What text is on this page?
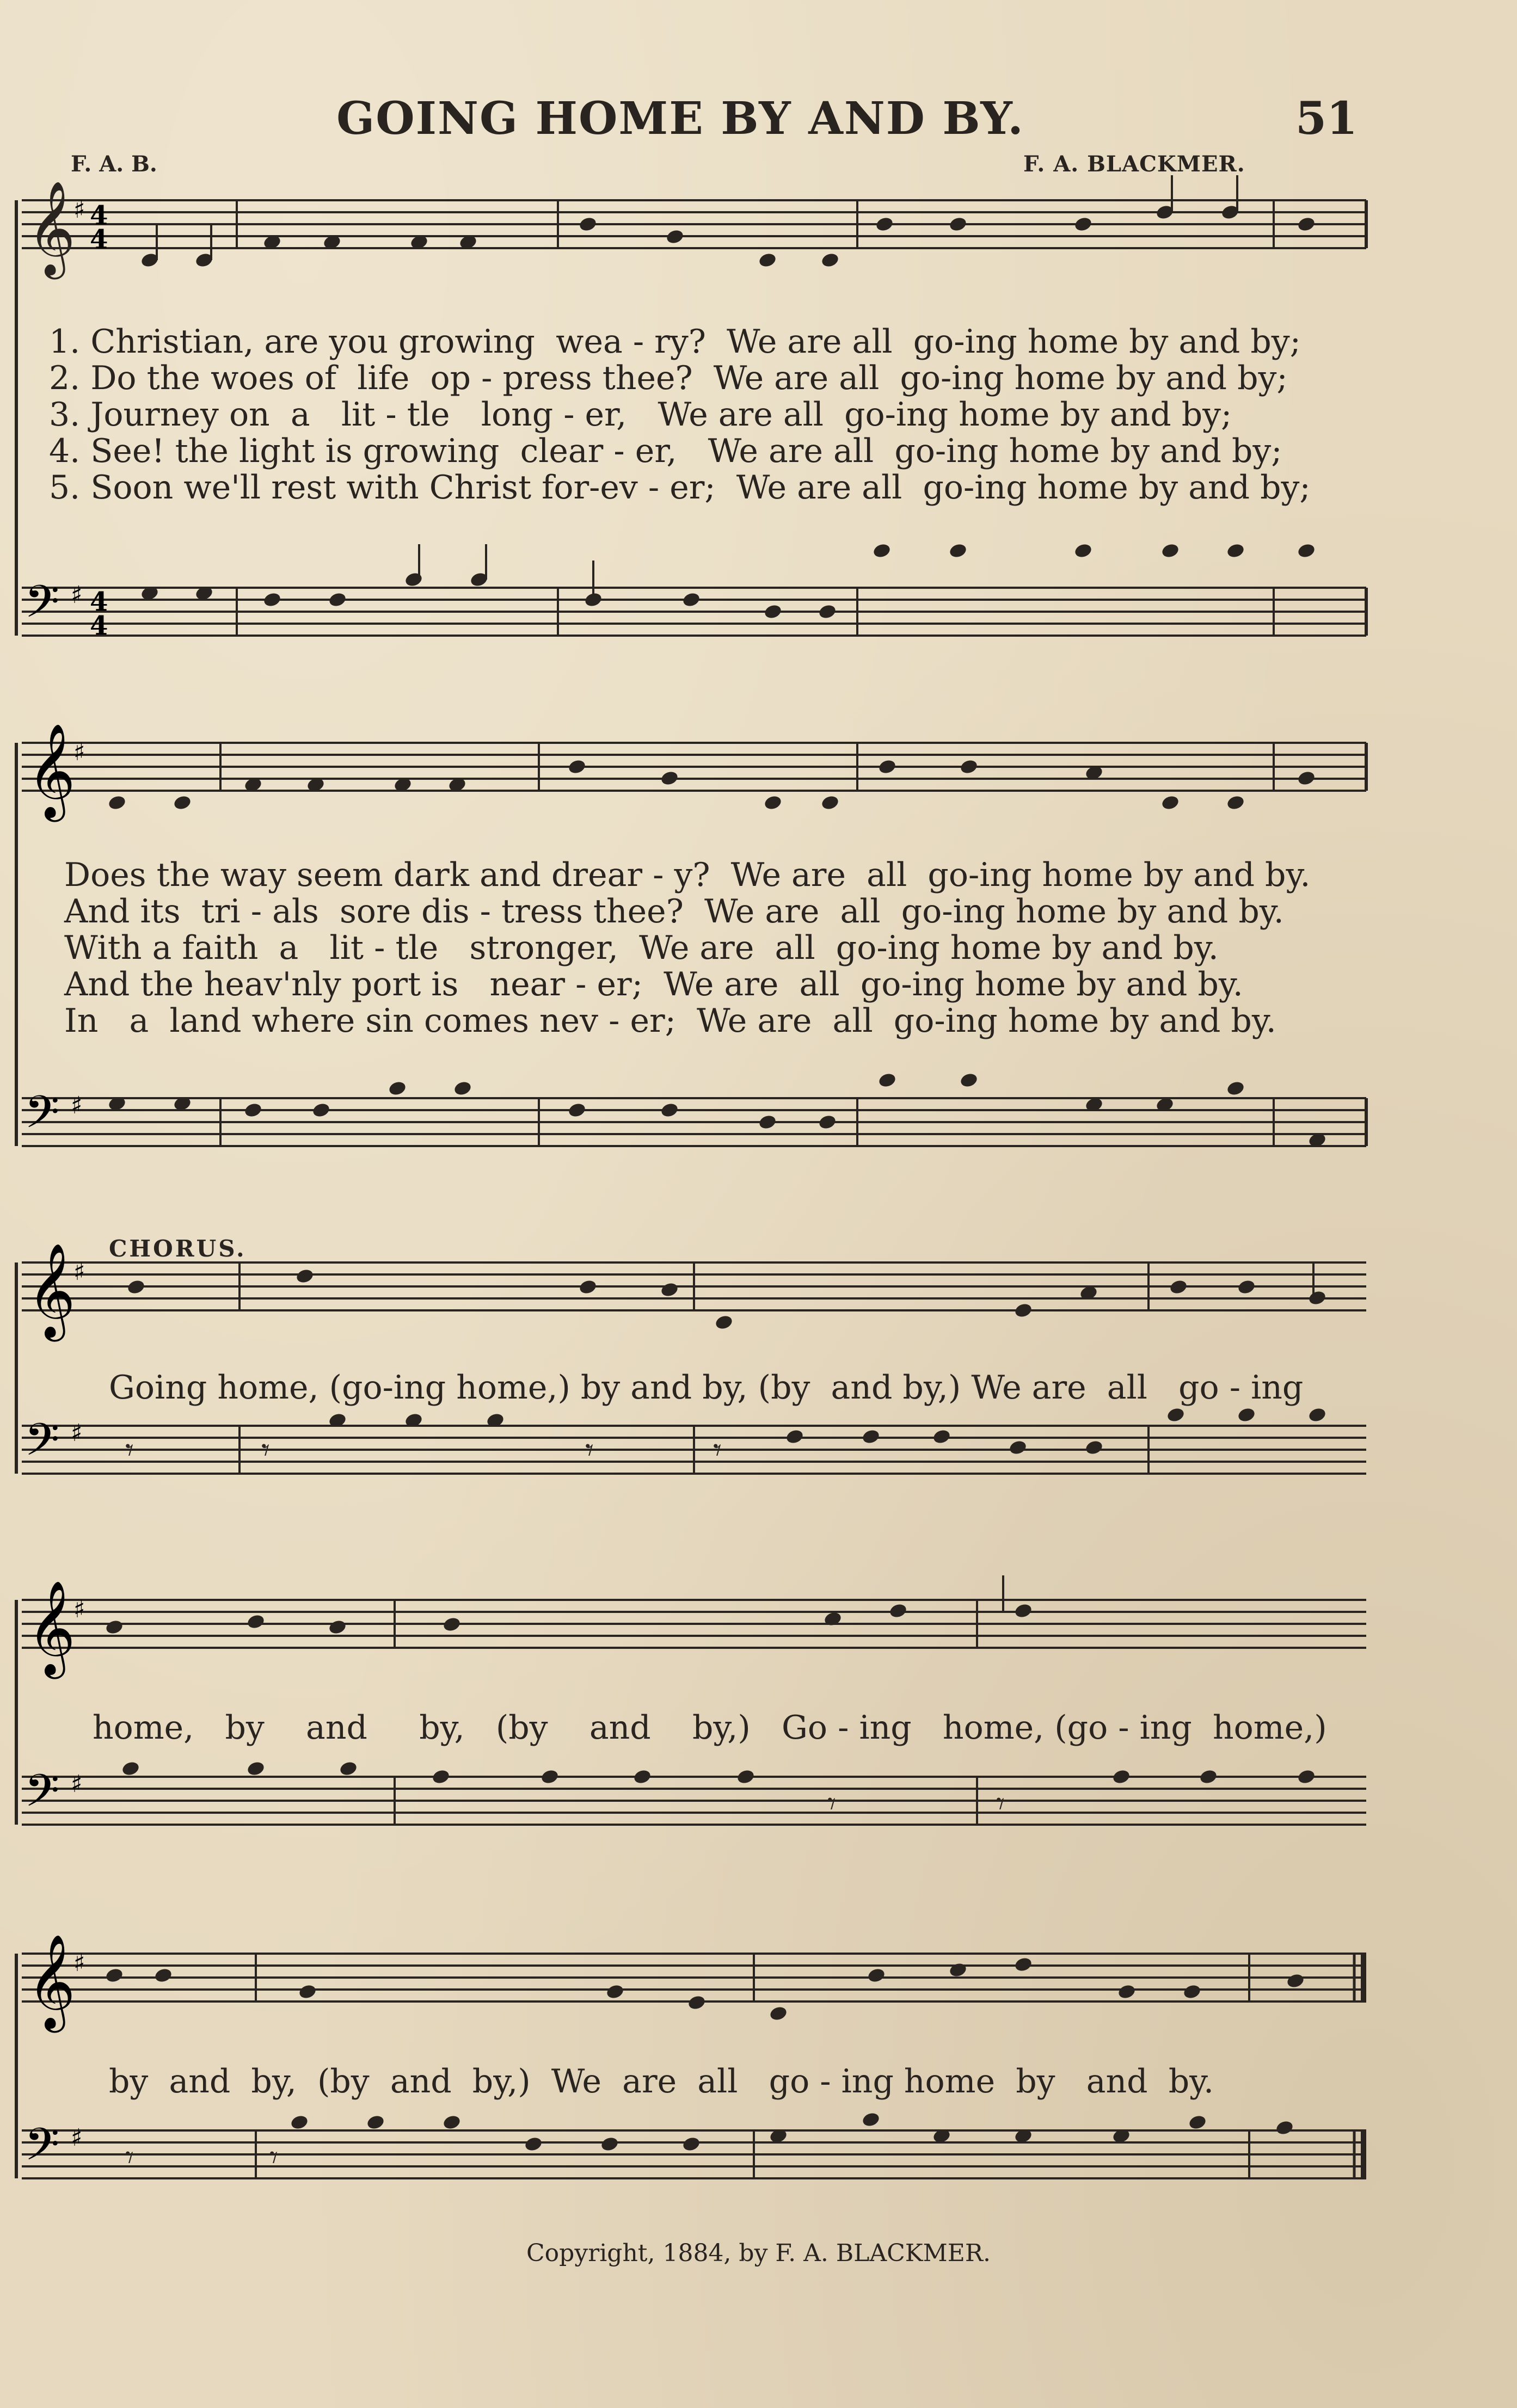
GOING HOME BY AND BY.	51
F. A. B.	F. A. BLACKMER.
𝄞
♯ 4
4
𝄢 ♯ 4
4
𝄞
♯
𝄢 ♯
𝄞
♯
𝄢 ♯
𝄞
♯
𝄢 ♯
𝄞
♯
𝄢 ♯
𝄾	𝄾	𝄾	𝄾
𝄾	𝄾
𝄾	𝄾
1. Christian, are you growing  wea - ry?  We are all  go-ing home by and by;
2. Do the woes of  life  op - press thee?  We are all  go-ing home by and by;
3. Journey on  a   lit - tle   long - er,   We are all  go-ing home by and by;
4. See! the light is growing  clear - er,   We are all  go-ing home by and by;
5. Soon we'll rest with Christ for-ev - er;  We are all  go-ing home by and by;
Does the way seem dark and drear - y?  We are  all  go-ing home by and by.
And its  tri - als  sore dis - tress thee?  We are  all  go-ing home by and by.
With a faith  a   lit - tle   stronger,  We are  all  go-ing home by and by.
And the heav'nly port is   near - er;  We are  all  go-ing home by and by.
In   a  land where sin comes nev - er;  We are  all  go-ing home by and by.
CHORUS.
Going home, (go-ing home,) by and by, (by  and by,) We are  all   go - ing
home,   by    and     by,   (by    and    by,)   Go - ing   home, (go - ing  home,)
by  and  by,  (by  and  by,)  We  are  all   go - ing home  by   and  by.
Copyright, 1884, by F. A. BLACKMER.
